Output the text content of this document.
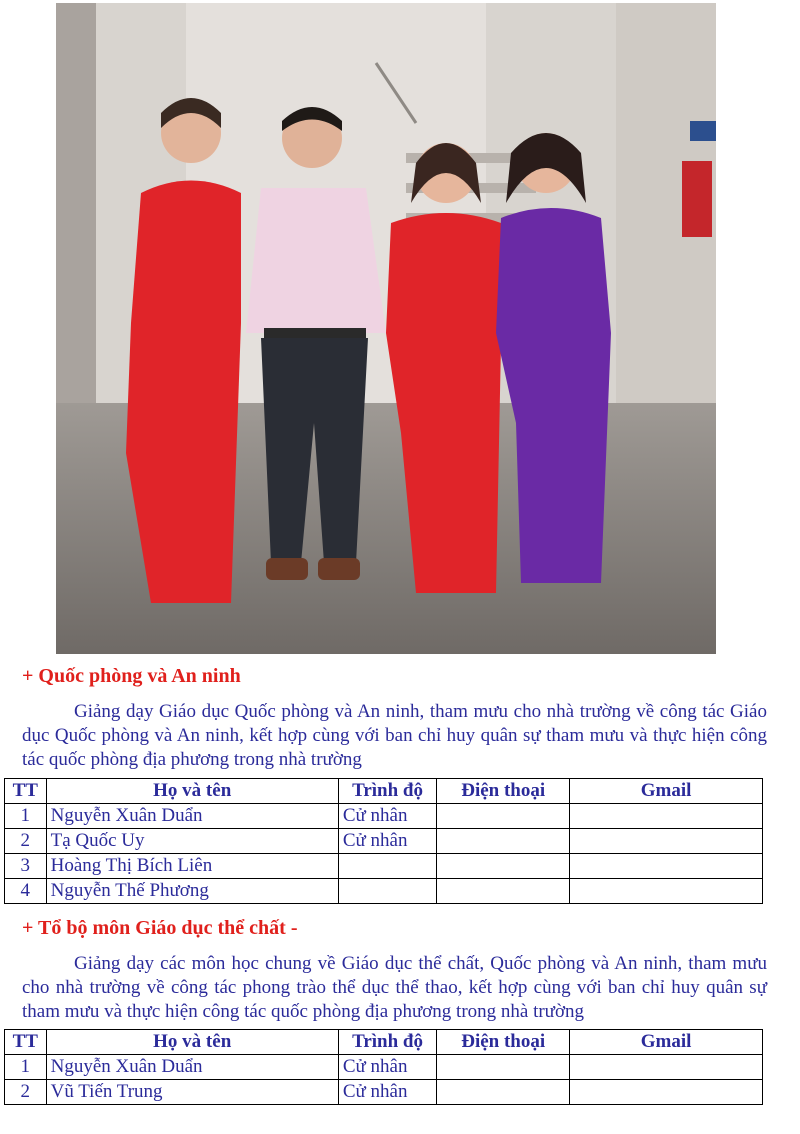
+ Quốc phòng và An ninh
Giảng dạy Giáo dục Quốc phòng và An ninh, tham mưu cho nhà trường về công tác Giáo dục Quốc phòng và An ninh, kết hợp cùng với ban chỉ huy quân sự tham mưu và thực hiện công tác quốc phòng địa phương trong nhà trường
TT	Họ và tên	Trình độ	Điện thoại	Gmail
1	Nguyễn Xuân Duẩn	Cử nhân		
2	Tạ Quốc Uy	Cử nhân		
3	Hoàng Thị Bích Liên			
4	Nguyễn Thế Phương			
+ Tổ bộ môn Giáo dục thể chất -
Giảng dạy các môn học chung về Giáo dục thể chất, Quốc phòng và An ninh, tham mưu cho nhà trường về công tác phong trào thể dục thể thao, kết hợp cùng với ban chỉ huy quân sự tham mưu và thực hiện công tác quốc phòng địa phương trong nhà trường
TT	Họ và tên	Trình độ	Điện thoại	Gmail
1	Nguyễn Xuân Duẩn	Cử nhân		
2	Vũ Tiến Trung	Cử nhân		
